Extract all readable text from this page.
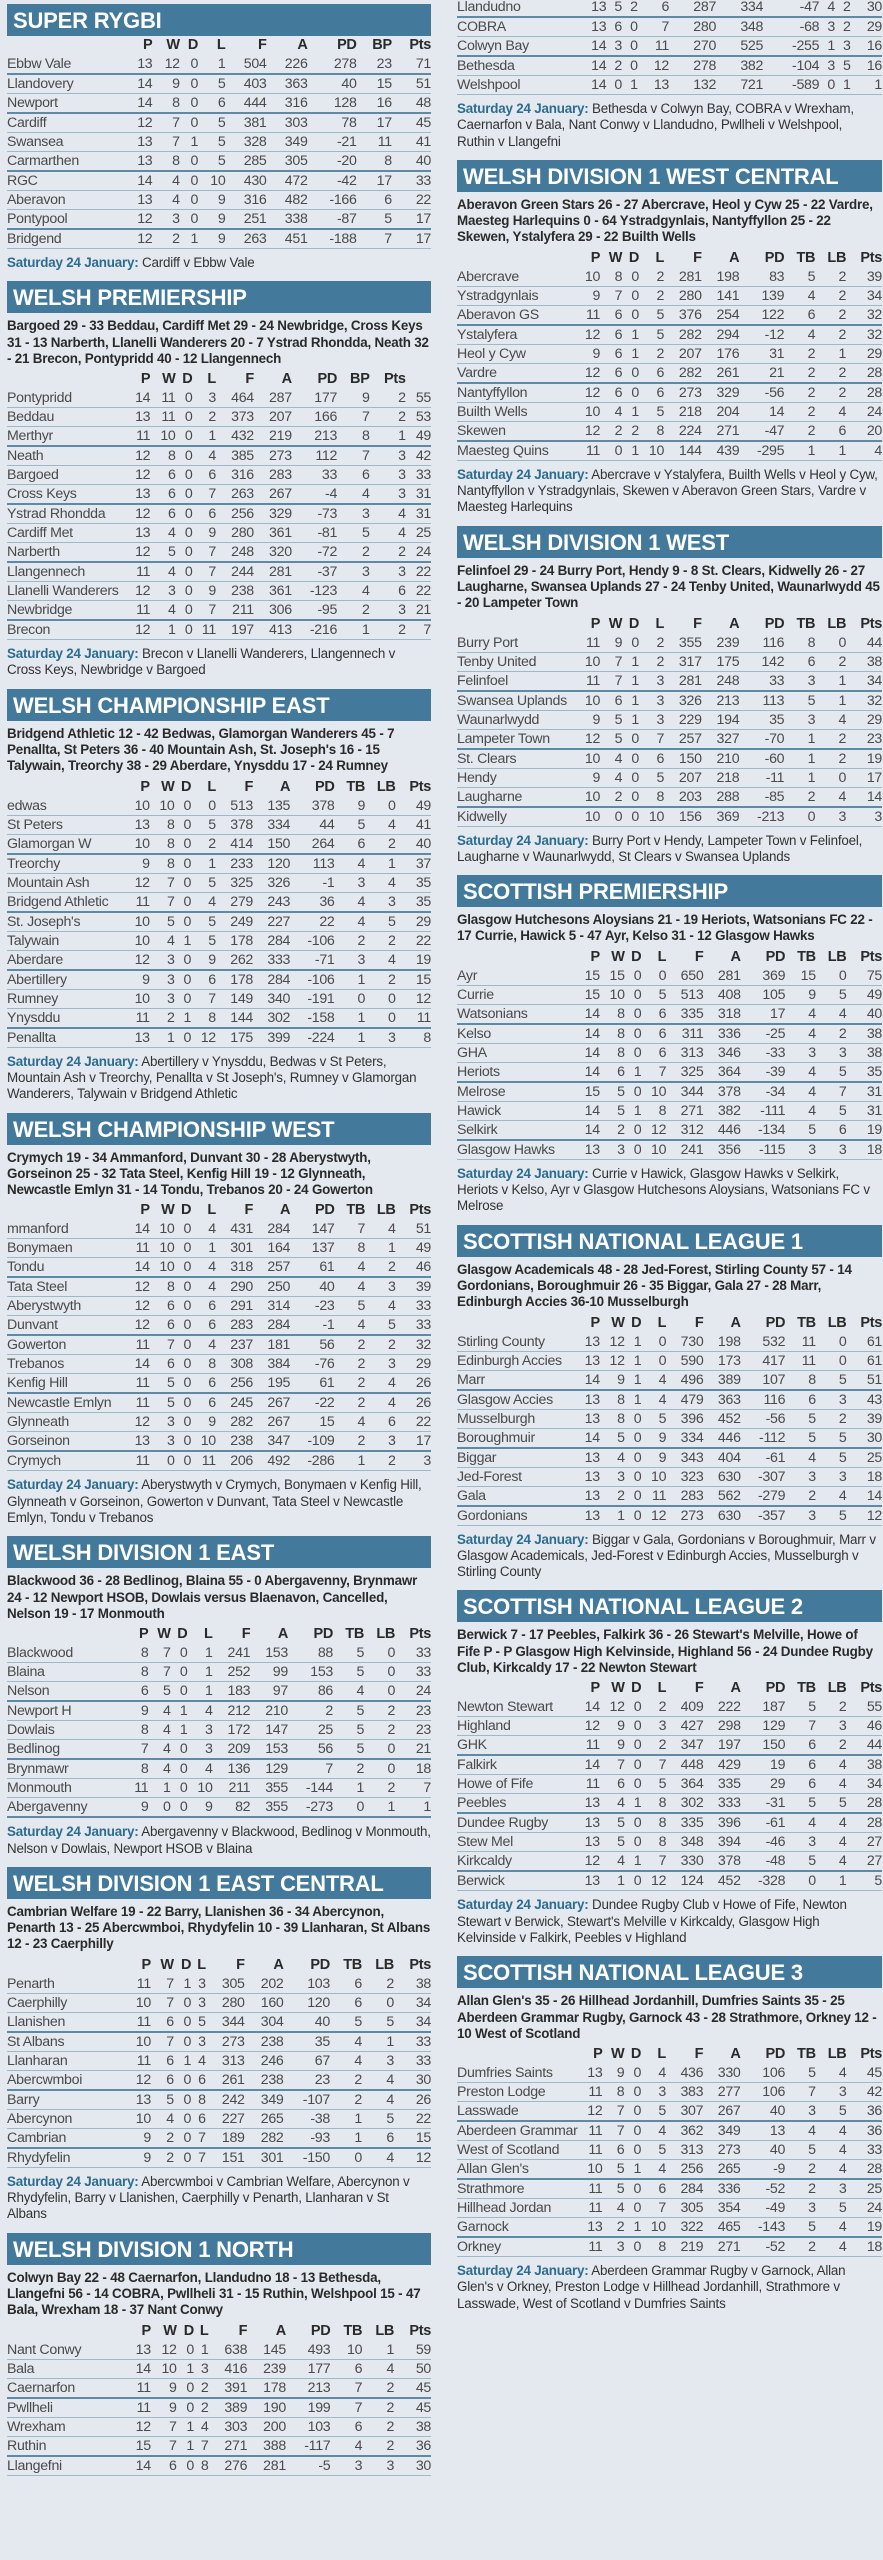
SUPER RYGBI
	P	W	D	L	F	A	PD	BP	Pts
Ebbw Vale	13	12	0	1	504	226	278	23	71
Llandovery	14	9	0	5	403	363	40	15	51
Newport	14	8	0	6	444	316	128	16	48
Cardiff	12	7	0	5	381	303	78	17	45
Swansea	13	7	1	5	328	349	-21	11	41
Carmarthen	13	8	0	5	285	305	-20	8	40
RGC	14	4	0	10	430	472	-42	17	33
Aberavon	13	4	0	9	316	482	-166	6	22
Pontypool	12	3	0	9	251	338	-87	5	17
Bridgend	12	2	1	9	263	451	-188	7	17
Saturday 24 January: Cardiff v Ebbw Vale
WELSH PREMIERSHIP
Bargoed 29 - 33 Beddau, Cardiff Met 29 - 24 Newbridge, Cross Keys 31 - 13 Narberth, Llanelli Wanderers 20 - 7 Ystrad Rhondda, Neath 32 - 21 Brecon, Pontypridd 40 - 12 Llangennech
	P	W	D	L	F	A	PD	BP	Pts	
Pontypridd	14	11	0	3	464	287	177	9	2	55
Beddau	13	11	0	2	373	207	166	7	2	53
Merthyr	11	10	0	1	432	219	213	8	1	49
Neath	12	8	0	4	385	273	112	7	3	42
Bargoed	12	6	0	6	316	283	33	6	3	33
Cross Keys	13	6	0	7	263	267	-4	4	3	31
Ystrad Rhondda	12	6	0	6	256	329	-73	3	4	31
Cardiff Met	13	4	0	9	280	361	-81	5	4	25
Narberth	12	5	0	7	248	320	-72	2	2	24
Llangennech	11	4	0	7	244	281	-37	3	3	22
Llanelli Wanderers	12	3	0	9	238	361	-123	4	6	22
Newbridge	11	4	0	7	211	306	-95	2	3	21
Brecon	12	1	0	11	197	413	-216	1	2	7
Saturday 24 January: Brecon v Llanelli Wanderers, Llangennech v Cross Keys, Newbridge v Bargoed
WELSH CHAMPIONSHIP EAST
Bridgend Athletic 12 - 42 Bedwas, Glamorgan Wanderers 45 - 7 Penallta, St Peters 36 - 40 Mountain Ash, St. Joseph's 16 - 15 Talywain, Treorchy 38 - 29 Aberdare, Ynysddu 17 - 24 Rumney
	P	W	D	L	F	A	PD	TB	LB	Pts
edwas	10	10	0	0	513	135	378	9	0	49
St Peters	13	8	0	5	378	334	44	5	4	41
Glamorgan W	10	8	0	2	414	150	264	6	2	40
Treorchy	9	8	0	1	233	120	113	4	1	37
Mountain Ash	12	7	0	5	325	326	-1	3	4	35
Bridgend Athletic	11	7	0	4	279	243	36	4	3	35
St. Joseph's	10	5	0	5	249	227	22	4	5	29
Talywain	10	4	1	5	178	284	-106	2	2	22
Aberdare	12	3	0	9	262	333	-71	3	4	19
Abertillery	9	3	0	6	178	284	-106	1	2	15
Rumney	10	3	0	7	149	340	-191	0	0	12
Ynysddu	11	2	1	8	144	302	-158	1	0	11
Penallta	13	1	0	12	175	399	-224	1	3	8
Saturday 24 January: Abertillery v Ynysddu, Bedwas v St Peters, Mountain Ash v Treorchy, Penallta v St Joseph's, Rumney v Glamorgan Wanderers, Talywain v Bridgend Athletic
WELSH CHAMPIONSHIP WEST
Crymych 19 - 34 Ammanford, Dunvant 30 - 28 Aberystwyth, Gorseinon 25 - 32 Tata Steel, Kenfig Hill 19 - 12 Glynneath, Newcastle Emlyn 31 - 14 Tondu, Trebanos 20 - 24 Gowerton
	P	W	D	L	F	A	PD	TB	LB	Pts
mmanford	14	10	0	4	431	284	147	7	4	51
Bonymaen	11	10	0	1	301	164	137	8	1	49
Tondu	14	10	0	4	318	257	61	4	2	46
Tata Steel	12	8	0	4	290	250	40	4	3	39
Aberystwyth	12	6	0	6	291	314	-23	5	4	33
Dunvant	12	6	0	6	283	284	-1	4	5	33
Gowerton	11	7	0	4	237	181	56	2	2	32
Trebanos	14	6	0	8	308	384	-76	2	3	29
Kenfig Hill	11	5	0	6	256	195	61	2	4	26
Newcastle Emlyn	11	5	0	6	245	267	-22	2	4	26
Glynneath	12	3	0	9	282	267	15	4	6	22
Gorseinon	13	3	0	10	238	347	-109	2	3	17
Crymych	11	0	0	11	206	492	-286	1	2	3
Saturday 24 January: Aberystwyth v Crymych, Bonymaen v Kenfig Hill, Glynneath v Gorseinon, Gowerton v Dunvant, Tata Steel v Newcastle Emlyn, Tondu v Trebanos
WELSH DIVISION 1 EAST
Blackwood 36 - 28 Bedlinog, Blaina 55 - 0 Abergavenny, Brynmawr 24 - 12 Newport HSOB, Dowlais versus Blaenavon, Cancelled, Nelson 19 - 17 Monmouth
	P	W	D	L	F	A	PD	TB	LB	Pts
Blackwood	8	7	0	1	241	153	88	5	0	33
Blaina	8	7	0	1	252	99	153	5	0	33
Nelson	6	5	0	1	183	97	86	4	0	24
Newport H	9	4	1	4	212	210	2	5	2	23
Dowlais	8	4	1	3	172	147	25	5	2	23
Bedlinog	7	4	0	3	209	153	56	5	0	21
Brynmawr	8	4	0	4	136	129	7	2	0	18
Monmouth	11	1	0	10	211	355	-144	1	2	7
Abergavenny	9	0	0	9	82	355	-273	0	1	1
Saturday 24 January: Abergavenny v Blackwood, Bedlinog v Monmouth, Nelson v Dowlais, Newport HSOB v Blaina
WELSH DIVISION 1 EAST CENTRAL
Cambrian Welfare 19 - 22 Barry, Llanishen 36 - 34 Abercynon, Penarth 13 - 25 Abercwmboi, Rhydyfelin 10 - 39 Llanharan, St Albans 12 - 23 Caerphilly
	P	W	D	L	F	A	PD	TB	LB	Pts
Penarth	11	7	1	3	305	202	103	6	2	38
Caerphilly	10	7	0	3	280	160	120	6	0	34
Llanishen	11	6	0	5	344	304	40	5	5	34
St Albans	10	7	0	3	273	238	35	4	1	33
Llanharan	11	6	1	4	313	246	67	4	3	33
Abercwmboi	12	6	0	6	261	238	23	2	4	30
Barry	13	5	0	8	242	349	-107	2	4	26
Abercynon	10	4	0	6	227	265	-38	1	5	22
Cambrian	9	2	0	7	189	282	-93	1	6	15
Rhydyfelin	9	2	0	7	151	301	-150	0	4	12
Saturday 24 January: Abercwmboi v Cambrian Welfare, Abercynon v Rhydyfelin, Barry v Llanishen, Caerphilly v Penarth, Llanharan v St Albans
WELSH DIVISION 1 NORTH
Colwyn Bay 22 - 48 Caernarfon, Llandudno 18 - 13 Bethesda, Llangefni 56 - 14 COBRA, Pwllheli 31 - 15 Ruthin, Welshpool 15 - 47 Bala, Wrexham 18 - 37 Nant Conwy
	P	W	D	L	F	A	PD	TB	LB	Pts
Nant Conwy	13	12	0	1	638	145	493	10	1	59
Bala	14	10	1	3	416	239	177	6	4	50
Caernarfon	11	9	0	2	391	178	213	7	2	45
Pwllheli	11	9	0	2	389	190	199	7	2	45
Wrexham	12	7	1	4	303	200	103	6	2	38
Ruthin	15	7	1	7	271	388	-117	4	2	36
Llangefni	14	6	0	8	276	281	-5	3	3	30
Llandudno	13	5	2	6	287	334	-47	4	2	30
COBRA	13	6	0	7	280	348	-68	3	2	29
Colwyn Bay	14	3	0	11	270	525	-255	1	3	16
Bethesda	14	2	0	12	278	382	-104	3	5	16
Welshpool	14	0	1	13	132	721	-589	0	1	1
Saturday 24 January: Bethesda v Colwyn Bay, COBRA v Wrexham, Caernarfon v Bala, Nant Conwy v Llandudno, Pwllheli v Welshpool, Ruthin v Llangefni
WELSH DIVISION 1 WEST CENTRAL
Aberavon Green Stars 26 - 27 Abercrave, Heol y Cyw 25 - 22 Vardre, Maesteg Harlequins 0 - 64 Ystradgynlais, Nantyffyllon 25 - 22 Skewen, Ystalyfera 29 - 22 Builth Wells
	P	W	D	L	F	A	PD	TB	LB	Pts
Abercrave	10	8	0	2	281	198	83	5	2	39
Ystradgynlais	9	7	0	2	280	141	139	4	2	34
Aberavon GS	11	6	0	5	376	254	122	6	2	32
Ystalyfera	12	6	1	5	282	294	-12	4	2	32
Heol y Cyw	9	6	1	2	207	176	31	2	1	29
Vardre	12	6	0	6	282	261	21	2	2	28
Nantyffyllon	12	6	0	6	273	329	-56	2	2	28
Builth Wells	10	4	1	5	218	204	14	2	4	24
Skewen	12	2	2	8	224	271	-47	2	6	20
Maesteg Quins	11	0	1	10	144	439	-295	1	1	4
Saturday 24 January: Abercrave v Ystalyfera, Builth Wells v Heol y Cyw, Nantyffyllon v Ystradgynlais, Skewen v Aberavon Green Stars, Vardre v Maesteg Harlequins
WELSH DIVISION 1 WEST
Felinfoel 29 - 24 Burry Port, Hendy 9 - 8 St. Clears, Kidwelly 26 - 27 Laugharne, Swansea Uplands 27 - 24 Tenby United, Waunarlwydd 45 - 20 Lampeter Town
	P	W	D	L	F	A	PD	TB	LB	Pts
Burry Port	11	9	0	2	355	239	116	8	0	44
Tenby United	10	7	1	2	317	175	142	6	2	38
Felinfoel	11	7	1	3	281	248	33	3	1	34
Swansea Uplands	10	6	1	3	326	213	113	5	1	32
Waunarlwydd	9	5	1	3	229	194	35	3	4	29
Lampeter Town	12	5	0	7	257	327	-70	1	2	23
St. Clears	10	4	0	6	150	210	-60	1	2	19
Hendy	9	4	0	5	207	218	-11	1	0	17
Laugharne	10	2	0	8	203	288	-85	2	4	14
Kidwelly	10	0	0	10	156	369	-213	0	3	3
Saturday 24 January: Burry Port v Hendy, Lampeter Town v Felinfoel, Laugharne v Waunarlwydd, St Clears v Swansea Uplands
SCOTTISH PREMIERSHIP
Glasgow Hutchesons Aloysians 21 - 19 Heriots, Watsonians FC 22 - 17 Currie, Hawick 5 - 47 Ayr, Kelso 31 - 12 Glasgow Hawks
	P	W	D	L	F	A	PD	TB	LB	Pts
Ayr	15	15	0	0	650	281	369	15	0	75
Currie	15	10	0	5	513	408	105	9	5	49
Watsonians	14	8	0	6	335	318	17	4	4	40
Kelso	14	8	0	6	311	336	-25	4	2	38
GHA	14	8	0	6	313	346	-33	3	3	38
Heriots	14	6	1	7	325	364	-39	4	5	35
Melrose	15	5	0	10	344	378	-34	4	7	31
Hawick	14	5	1	8	271	382	-111	4	5	31
Selkirk	14	2	0	12	312	446	-134	5	6	19
Glasgow Hawks	13	3	0	10	241	356	-115	3	3	18
Saturday 24 January: Currie v Hawick, Glasgow Hawks v Selkirk, Heriots v Kelso, Ayr v Glasgow Hutchesons Aloysians, Watsonians FC v Melrose
SCOTTISH NATIONAL LEAGUE 1
Glasgow Academicals 48 - 28 Jed-Forest, Stirling County 57 - 14 Gordonians, Boroughmuir 26 - 35 Biggar, Gala 27 - 28 Marr, Edinburgh Accies 36-10 Musselburgh
	P	W	D	L	F	A	PD	TB	LB	Pts
Stirling County	13	12	1	0	730	198	532	11	0	61
Edinburgh Accies	13	12	1	0	590	173	417	11	0	61
Marr	14	9	1	4	496	389	107	8	5	51
Glasgow Accies	13	8	1	4	479	363	116	6	3	43
Musselburgh	13	8	0	5	396	452	-56	5	2	39
Boroughmuir	14	5	0	9	334	446	-112	5	5	30
Biggar	13	4	0	9	343	404	-61	4	5	25
Jed-Forest	13	3	0	10	323	630	-307	3	3	18
Gala	13	2	0	11	283	562	-279	2	4	14
Gordonians	13	1	0	12	273	630	-357	3	5	12
Saturday 24 January: Biggar v Gala, Gordonians v Boroughmuir, Marr v Glasgow Academicals, Jed-Forest v Edinburgh Accies, Musselburgh v Stirling County
SCOTTISH NATIONAL LEAGUE 2
Berwick 7 - 17 Peebles, Falkirk 36 - 26 Stewart's Melville, Howe of Fife P - P Glasgow High Kelvinside, Highland 56 - 24 Dundee Rugby Club, Kirkcaldy 17 - 22 Newton Stewart
	P	W	D	L	F	A	PD	TB	LB	Pts
Newton Stewart	14	12	0	2	409	222	187	5	2	55
Highland	12	9	0	3	427	298	129	7	3	46
GHK	11	9	0	2	347	197	150	6	2	44
Falkirk	14	7	0	7	448	429	19	6	4	38
Howe of Fife	11	6	0	5	364	335	29	6	4	34
Peebles	13	4	1	8	302	333	-31	5	5	28
Dundee Rugby	13	5	0	8	335	396	-61	4	4	28
Stew Mel	13	5	0	8	348	394	-46	3	4	27
Kirkcaldy	12	4	1	7	330	378	-48	5	4	27
Berwick	13	1	0	12	124	452	-328	0	1	5
Saturday 24 January: Dundee Rugby Club v Howe of Fife, Newton Stewart v Berwick, Stewart's Melville v Kirkcaldy, Glasgow High Kelvinside v Falkirk, Peebles v Highland
SCOTTISH NATIONAL LEAGUE 3
Allan Glen's 35 - 26 Hillhead Jordanhill, Dumfries Saints 35 - 25 Aberdeen Grammar Rugby, Garnock 43 - 28 Strathmore, Orkney 12 - 10 West of Scotland
	P	W	D	L	F	A	PD	TB	LB	Pts
Dumfries Saints	13	9	0	4	436	330	106	5	4	45
Preston Lodge	11	8	0	3	383	277	106	7	3	42
Lasswade	12	7	0	5	307	267	40	3	5	36
Aberdeen Grammar	11	7	0	4	362	349	13	4	4	36
West of Scotland	11	6	0	5	313	273	40	5	4	33
Allan Glen's	10	5	1	4	256	265	-9	2	4	28
Strathmore	11	5	0	6	284	336	-52	2	3	25
Hillhead Jordan	11	4	0	7	305	354	-49	3	5	24
Garnock	13	2	1	10	322	465	-143	5	4	19
Orkney	11	3	0	8	219	271	-52	2	4	18
Saturday 24 January: Aberdeen Grammar Rugby v Garnock, Allan Glen's v Orkney, Preston Lodge v Hillhead Jordanhill, Strathmore v Lasswade, West of Scotland v Dumfries Saints
